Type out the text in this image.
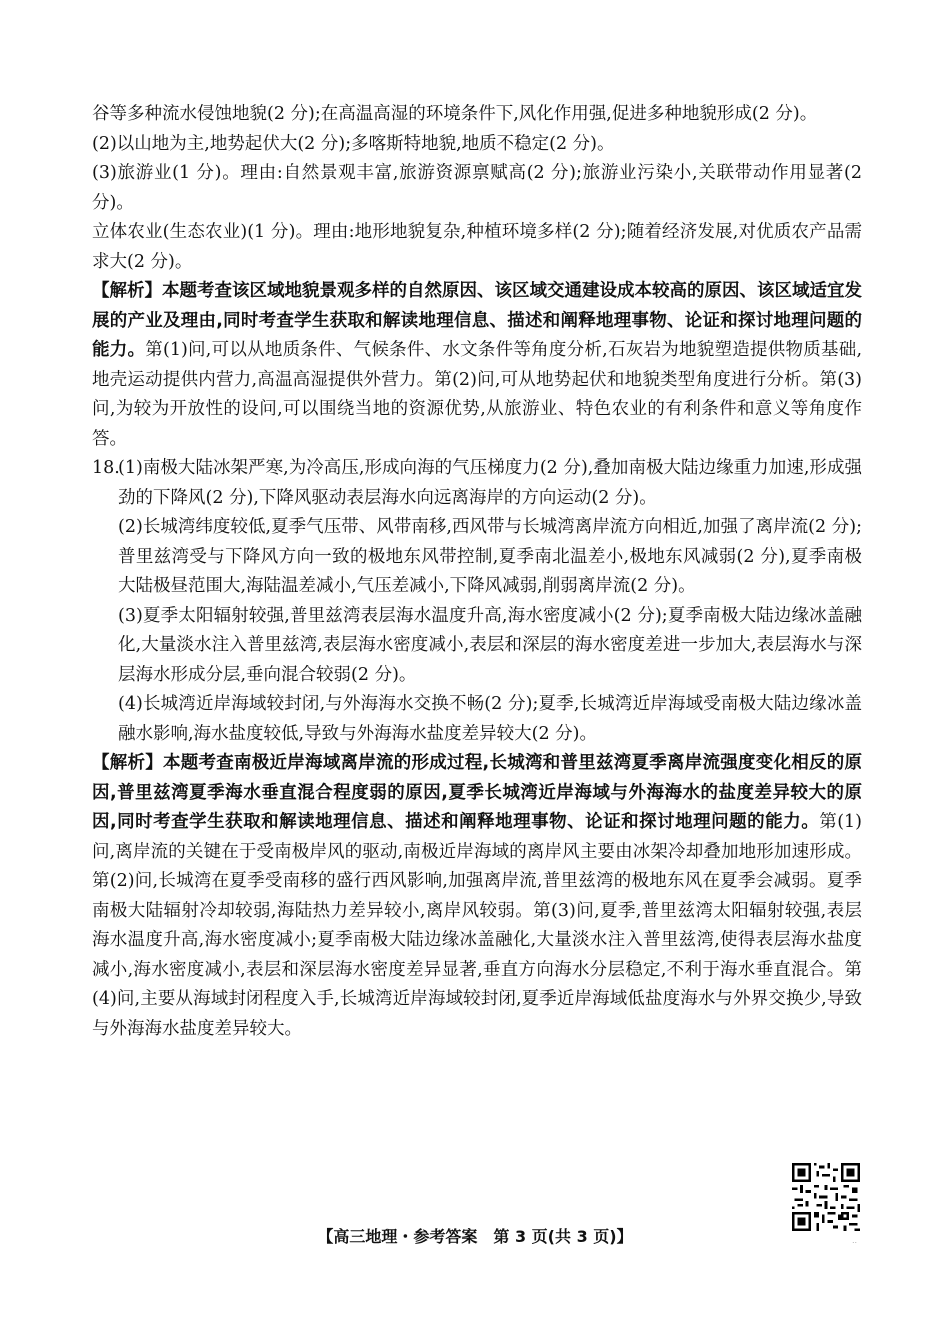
谷等多种流水侵蚀地貌(2 分);在高温高湿的环境条件下,风化作用强,促进多种地貌形成(2 分)。

(2)以山地为主,地势起伏大(2 分);多喀斯特地貌,地质不稳定(2 分)。

(3)旅游业(1 分)。理由:自然景观丰富,旅游资源禀赋高(2 分);旅游业污染小,关联带动作用显著(2 分)。

立体农业(生态农业)(1 分)。理由:地形地貌复杂,种植环境多样(2 分);随着经济发展,对优质农产品需求大(2 分)。

【解析】本题考查该区域地貌景观多样的自然原因、该区域交通建设成本较高的原因、该区域适宜发展的产业及理由,同时考查学生获取和解读地理信息、描述和阐释地理事物、论证和探讨地理问题的能力。第(1)问,可以从地质条件、气候条件、水文条件等角度分析,石灰岩为地貌塑造提供物质基础,地壳运动提供内营力,高温高湿提供外营力。第(2)问,可从地势起伏和地貌类型角度进行分析。第(3)问,为较为开放性的设问,可以围绕当地的资源优势,从旅游业、特色农业的有利条件和意义等角度作答。

18.(1)南极大陆冰架严寒,为冷高压,形成向海的气压梯度力(2 分),叠加南极大陆边缘重力加速,形成强劲的下降风(2 分),下降风驱动表层海水向远离海岸的方向运动(2 分)。

(2)长城湾纬度较低,夏季气压带、风带南移,西风带与长城湾离岸流方向相近,加强了离岸流(2 分);普里兹湾受与下降风方向一致的极地东风带控制,夏季南北温差小,极地东风减弱(2 分),夏季南极大陆极昼范围大,海陆温差减小,气压差减小,下降风减弱,削弱离岸流(2 分)。

(3)夏季太阳辐射较强,普里兹湾表层海水温度升高,海水密度减小(2 分);夏季南极大陆边缘冰盖融化,大量淡水注入普里兹湾,表层海水密度减小,表层和深层的海水密度差进一步加大,表层海水与深层海水形成分层,垂向混合较弱(2 分)。

(4)长城湾近岸海域较封闭,与外海海水交换不畅(2 分);夏季,长城湾近岸海域受南极大陆边缘冰盖融水影响,海水盐度较低,导致与外海海水盐度差异较大(2 分)。

【解析】本题考查南极近岸海域离岸流的形成过程,长城湾和普里兹湾夏季离岸流强度变化相反的原因,普里兹湾夏季海水垂直混合程度弱的原因,夏季长城湾近岸海域与外海海水的盐度差异较大的原因,同时考查学生获取和解读地理信息、描述和阐释地理事物、论证和探讨地理问题的能力。第(1)问,离岸流的关键在于受南极岸风的驱动,南极近岸海域的离岸风主要由冰架冷却叠加地形加速形成。第(2)问,长城湾在夏季受南移的盛行西风影响,加强离岸流,普里兹湾的极地东风在夏季会减弱。夏季南极大陆辐射冷却较弱,海陆热力差异较小,离岸风较弱。第(3)问,夏季,普里兹湾太阳辐射较强,表层海水温度升高,海水密度减小;夏季南极大陆边缘冰盖融化,大量淡水注入普里兹湾,使得表层海水盐度减小,海水密度减小,表层和深层海水密度差异显著,垂直方向海水分层稳定,不利于海水垂直混合。第(4)问,主要从海域封闭程度入手,长城湾近岸海域较封闭,夏季近岸海域低盐度海水与外界交换少,导致与外海海水盐度差异较大。

【高三地理・参考答案　第 3 页(共 3 页)】	..
